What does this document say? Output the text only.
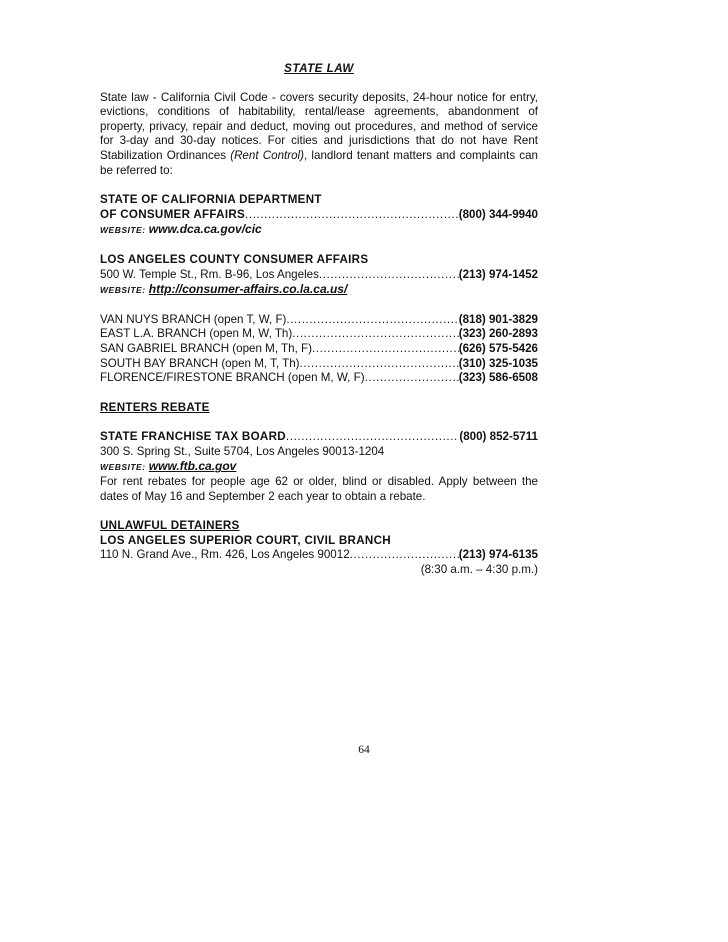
STATE LAW

State law - California Civil Code - covers security deposits, 24-hour notice for entry, evictions, conditions of habitability, rental/lease agreements, abandonment of property, privacy, repair and deduct, moving out procedures, and method of service for 3-day and 30-day notices. For cities and jurisdictions that do not have Rent Stabilization Ordinances (Rent Control), landlord tenant matters and complaints can be referred to:

STATE OF CALIFORNIA DEPARTMENT
OF CONSUMER AFFAIRS .....	(800) 344-9940
WEBSITE: www.dca.ca.gov/cic
LOS ANGELES COUNTY CONSUMER AFFAIRS
500 W. Temple St., Rm. B-96, Los Angeles .....	(213) 974-1452
WEBSITE: http://consumer-affairs.co.la.ca.us/
VAN NUYS BRANCH (open T, W, F) .....	(818) 901-3829
EAST L.A. BRANCH (open M, W, Th) .....	(323) 260-2893
SAN GABRIEL BRANCH (open M, Th, F) .....	(626) 575-5426
SOUTH BAY BRANCH (open M, T, Th) .....	(310) 325-1035
FLORENCE/FIRESTONE BRANCH (open M, W, F) .....	(323) 586-6508
RENTERS REBATE
STATE FRANCHISE TAX BOARD .....	(800) 852-5711
300 S. Spring St., Suite 5704, Los Angeles 90013-1204
WEBSITE: www.ftb.ca.gov

For rent rebates for people age 62 or older, blind or disabled. Apply between the dates of May 16 and September 2 each year to obtain a rebate.

UNLAWFUL DETAINERS
LOS ANGELES SUPERIOR COURT, CIVIL BRANCH
110 N. Grand Ave., Rm. 426, Los Angeles 90012 .....	(213) 974-6135
(8:30 a.m. – 4:30 p.m.)
64
